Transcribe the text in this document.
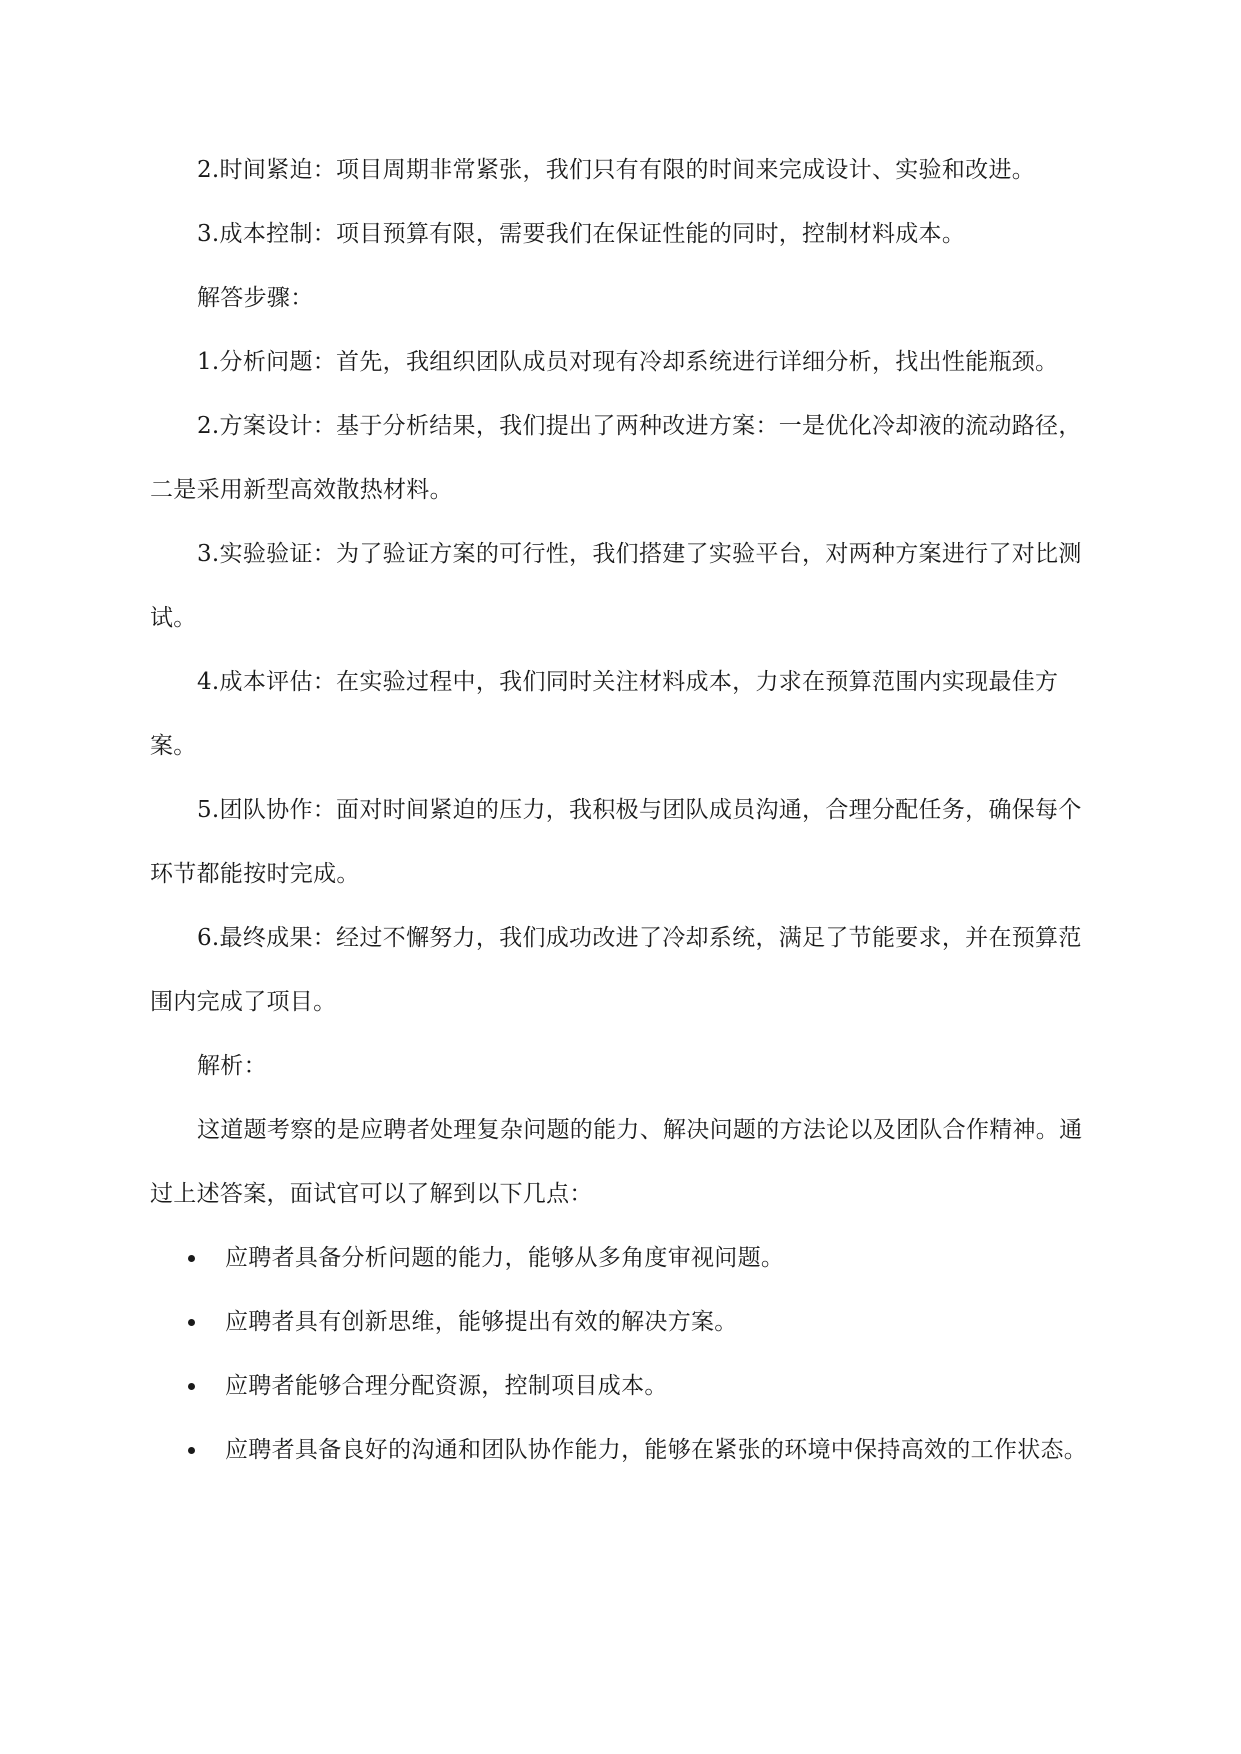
2.时间紧迫：项目周期非常紧张，我们只有有限的时间来完成设计、实验和改进。

3.成本控制：项目预算有限，需要我们在保证性能的同时，控制材料成本。

解答步骤：

1.分析问题：首先，我组织团队成员对现有冷却系统进行详细分析，找出性能瓶颈。

2.方案设计：基于分析结果，我们提出了两种改进方案：一是优化冷却液的流动路径，二是采用新型高效散热材料。

3.实验验证：为了验证方案的可行性，我们搭建了实验平台，对两种方案进行了对比测试。

4.成本评估：在实验过程中，我们同时关注材料成本，力求在预算范围内实现最佳方案。

5.团队协作：面对时间紧迫的压力，我积极与团队成员沟通，合理分配任务，确保每个环节都能按时完成。

6.最终成果：经过不懈努力，我们成功改进了冷却系统，满足了节能要求，并在预算范围内完成了项目。

解析：

这道题考察的是应聘者处理复杂问题的能力、解决问题的方法论以及团队合作精神。通过上述答案，面试官可以了解到以下几点：

应聘者具备分析问题的能力，能够从多角度审视问题。
应聘者具有创新思维，能够提出有效的解决方案。
应聘者能够合理分配资源，控制项目成本。
应聘者具备良好的沟通和团队协作能力，能够在紧张的环境中保持高效的工作状态。
